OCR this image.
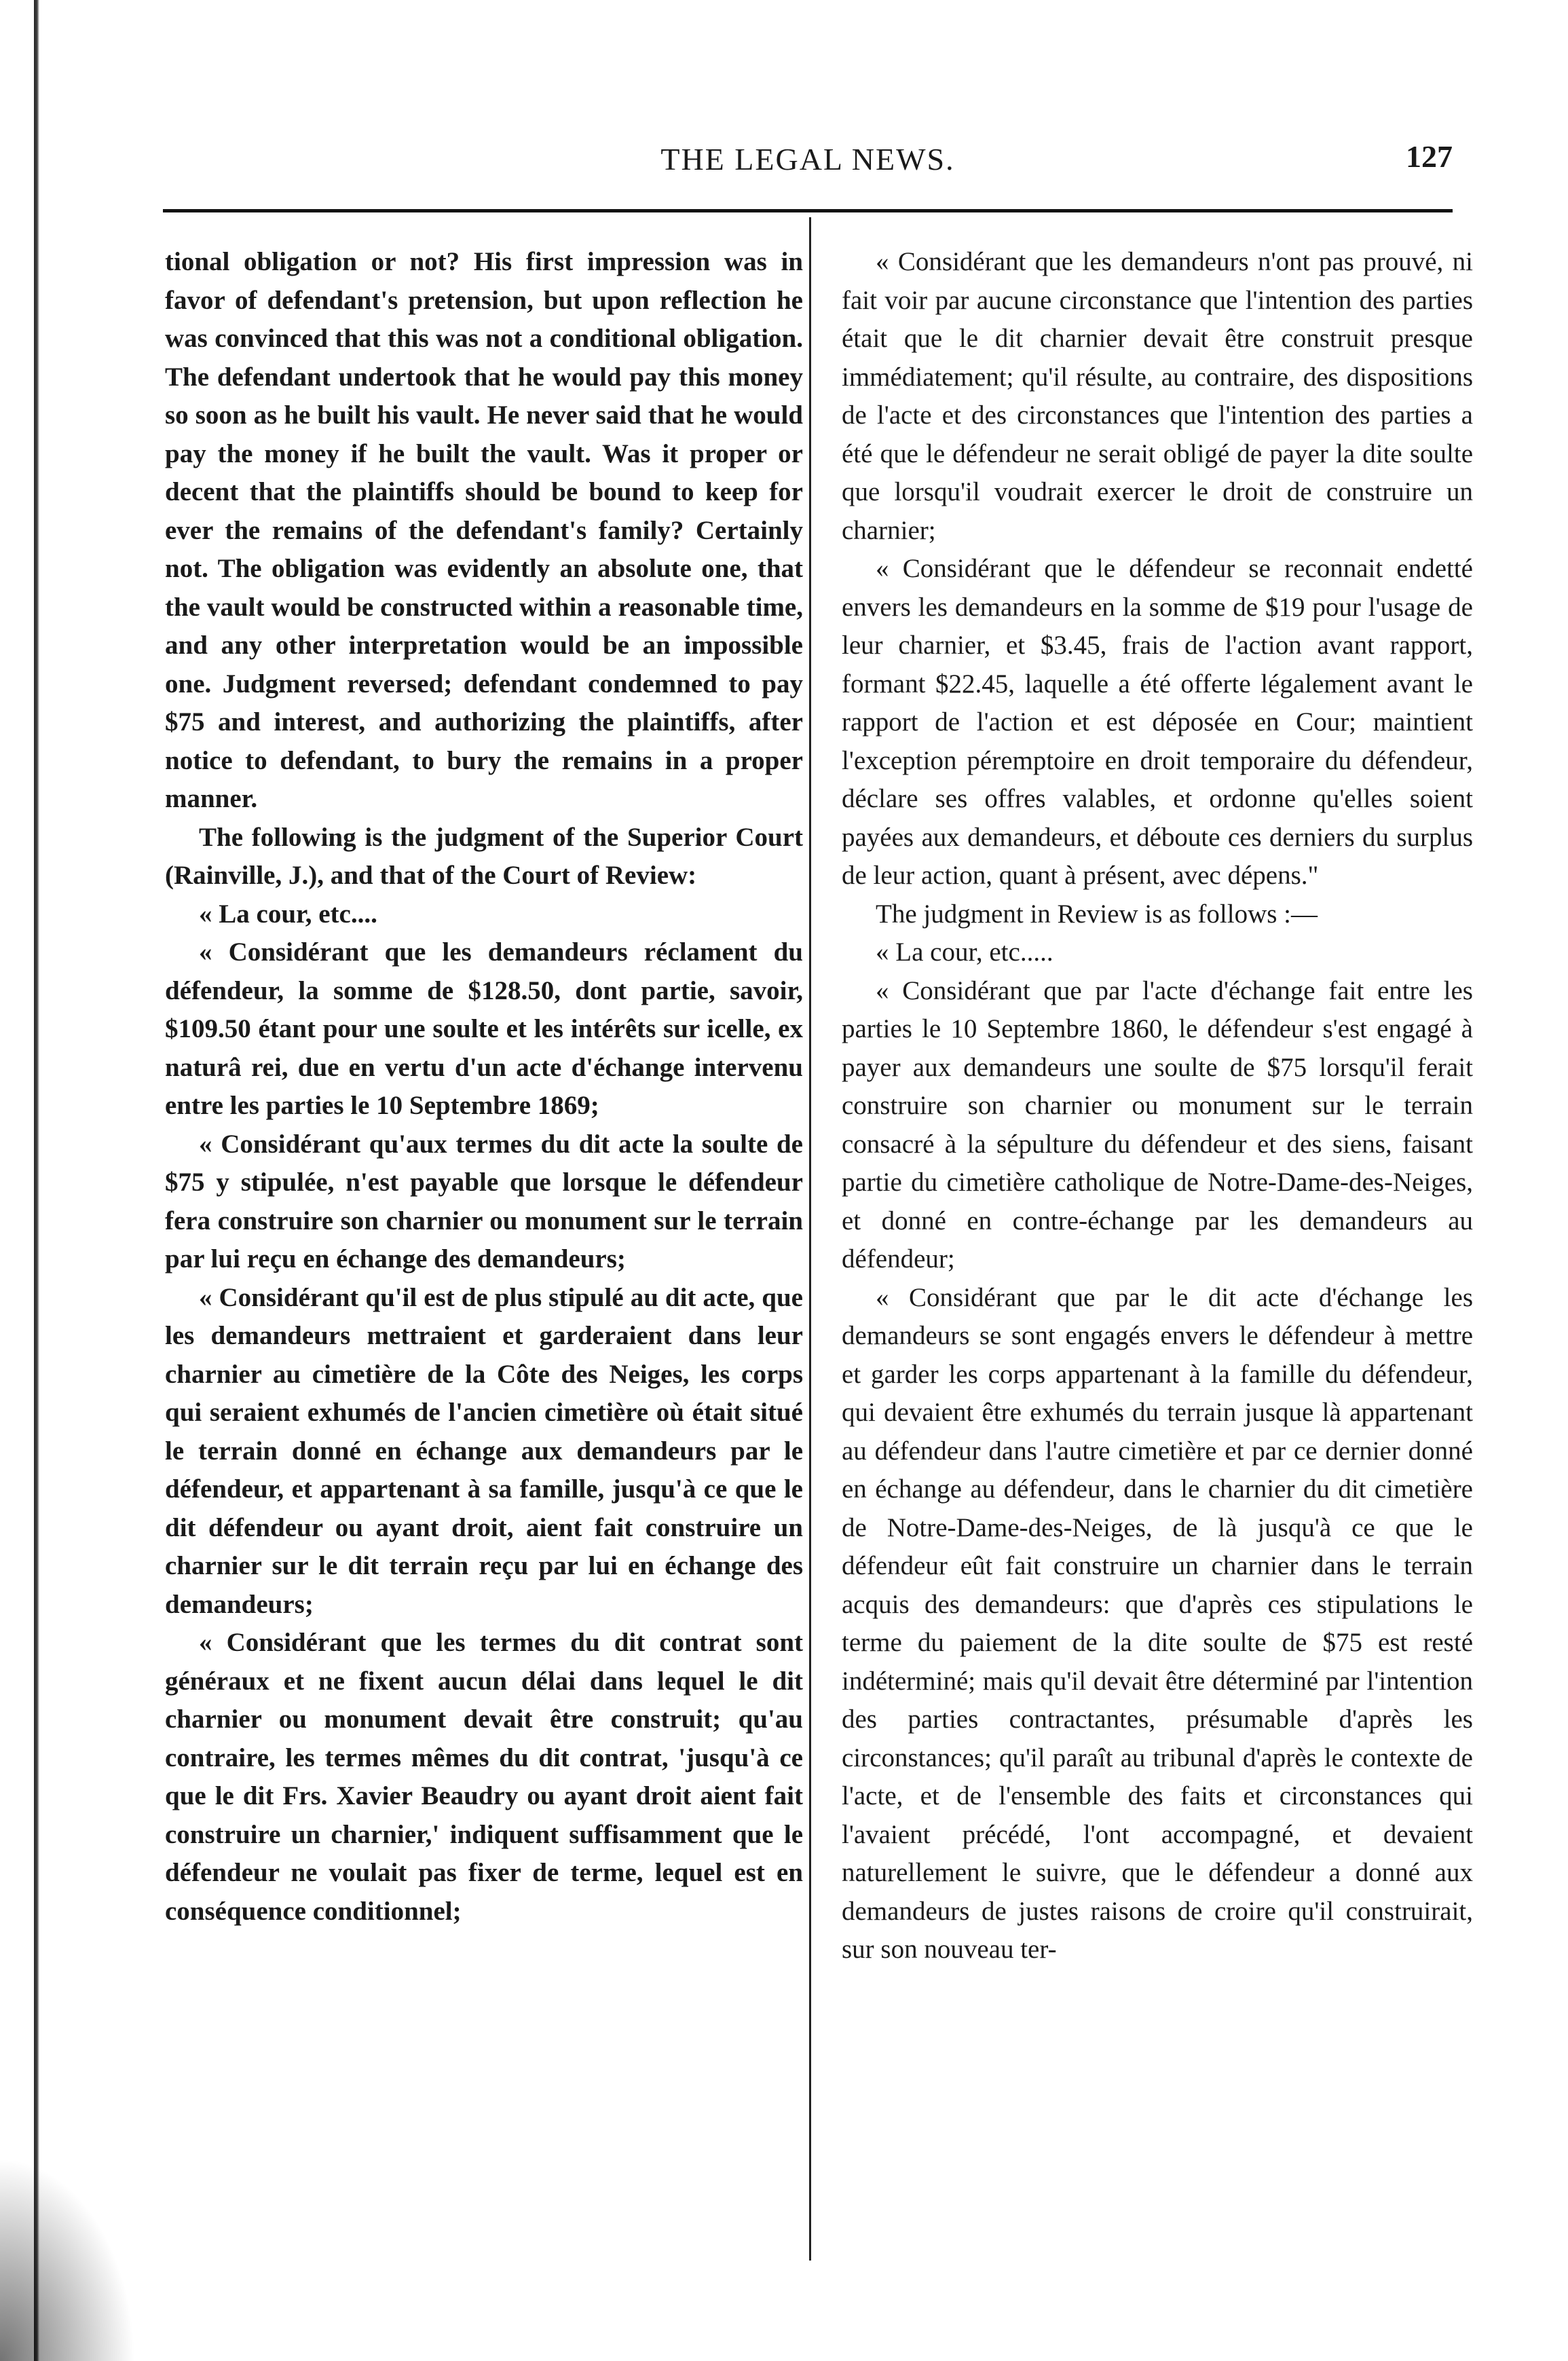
THE LEGAL NEWS.	127

tional obligation or not? His first impression was in favor of defendant's pretension, but upon reflection he was convinced that this was not a conditional obligation. The defendant undertook that he would pay this money so soon as he built his vault. He never said that he would pay the money if he built the vault. Was it proper or decent that the plaintiffs should be bound to keep for ever the remains of the defendant's family? Certainly not. The obligation was evidently an absolute one, that the vault would be constructed within a reasonable time, and any other interpretation would be an impossible one. Judgment reversed; defendant condemned to pay $75 and interest, and authorizing the plaintiffs, after notice to defendant, to bury the remains in a proper manner.

The following is the judgment of the Superior Court (Rainville, J.), and that of the Court of Review:

« La cour, etc....

« Considérant que les demandeurs réclament du défendeur, la somme de $128.50, dont partie, savoir, $109.50 étant pour une soulte et les intérêts sur icelle, ex naturâ rei, due en vertu d'un acte d'échange intervenu entre les parties le 10 Septembre 1869;

« Considérant qu'aux termes du dit acte la soulte de $75 y stipulée, n'est payable que lorsque le défendeur fera construire son charnier ou monument sur le terrain par lui reçu en échange des demandeurs;

« Considérant qu'il est de plus stipulé au dit acte, que les demandeurs mettraient et garderaient dans leur charnier au cimetière de la Côte des Neiges, les corps qui seraient exhumés de l'ancien cimetière où était situé le terrain donné en échange aux demandeurs par le défendeur, et appartenant à sa famille, jusqu'à ce que le dit défendeur ou ayant droit, aient fait construire un charnier sur le dit terrain reçu par lui en échange des demandeurs;

« Considérant que les termes du dit contrat sont généraux et ne fixent aucun délai dans lequel le dit charnier ou monument devait être construit; qu'au contraire, les termes mêmes du dit contrat, 'jusqu'à ce que le dit Frs. Xavier Beaudry ou ayant droit aient fait construire un charnier,' indiquent suffisamment que le défendeur ne voulait pas fixer de terme, lequel est en conséquence conditionnel;

« Considérant que les demandeurs n'ont pas prouvé, ni fait voir par aucune circonstance que l'intention des parties était que le dit charnier devait être construit presque immédiatement; qu'il résulte, au contraire, des dispositions de l'acte et des circonstances que l'intention des parties a été que le défendeur ne serait obligé de payer la dite soulte que lorsqu'il voudrait exercer le droit de construire un charnier;

« Considérant que le défendeur se reconnait endetté envers les demandeurs en la somme de $19 pour l'usage de leur charnier, et $3.45, frais de l'action avant rapport, formant $22.45, laquelle a été offerte légalement avant le rapport de l'action et est déposée en Cour; maintient l'exception péremptoire en droit temporaire du défendeur, déclare ses offres valables, et ordonne qu'elles soient payées aux demandeurs, et déboute ces derniers du surplus de leur action, quant à présent, avec dépens."

The judgment in Review is as follows :—

« La cour, etc.....

« Considérant que par l'acte d'échange fait entre les parties le 10 Septembre 1860, le défendeur s'est engagé à payer aux demandeurs une soulte de $75 lorsqu'il ferait construire son charnier ou monument sur le terrain consacré à la sépulture du défendeur et des siens, faisant partie du cimetière catholique de Notre-Dame-des-Neiges, et donné en contre-échange par les demandeurs au défendeur;

« Considérant que par le dit acte d'échange les demandeurs se sont engagés envers le défendeur à mettre et garder les corps appartenant à la famille du défendeur, qui devaient être exhumés du terrain jusque là appartenant au défendeur dans l'autre cimetière et par ce dernier donné en échange au défendeur, dans le charnier du dit cimetière de Notre-Dame-des-Neiges, de là jusqu'à ce que le défendeur eût fait construire un charnier dans le terrain acquis des demandeurs: que d'après ces stipulations le terme du paiement de la dite soulte de $75 est resté indéterminé; mais qu'il devait être déterminé par l'intention des parties contractantes, présumable d'après les circonstances; qu'il paraît au tribunal d'après le contexte de l'acte, et de l'ensemble des faits et circonstances qui l'avaient précédé, l'ont accompagné, et devaient naturellement le suivre, que le défendeur a donné aux demandeurs de justes raisons de croire qu'il construirait, sur son nouveau ter-
